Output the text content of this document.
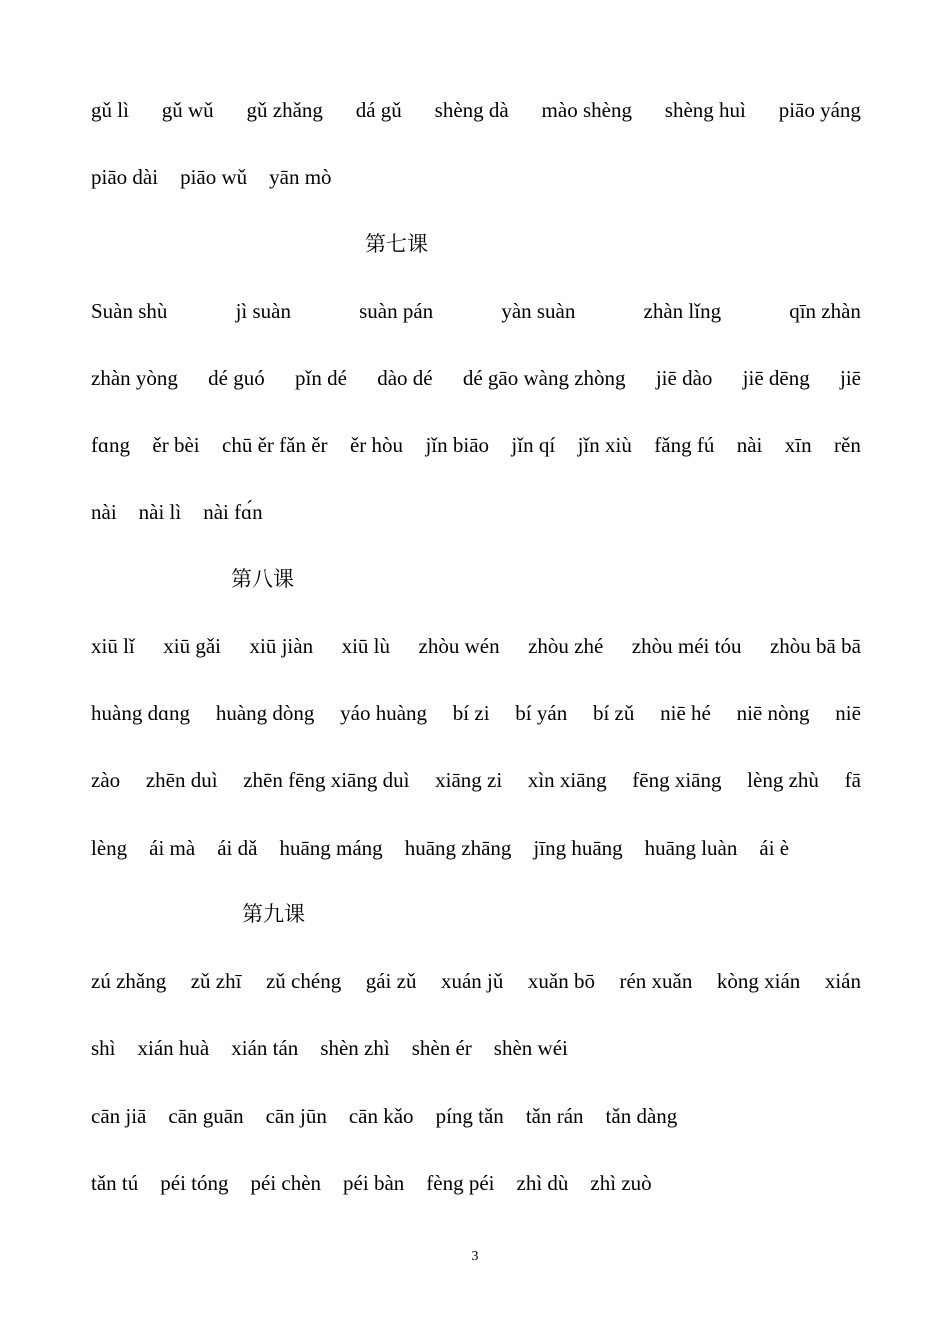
gǔ lì gǔ wǔ gǔ zhǎng dá gǔ shèng dà mào shèng shèng huì piāo yáng
piāo dài piāo wǔ yān mò
第七课
Suàn shù	jì suàn	suàn pán	yàn suàn	zhàn lǐng	qīn zhàn
zhàn yòng dé guó pǐn dé dào dé dé gāo wàng zhòng jiē dào jiē dēng jiē
fɑng ěr bèi chū ěr fǎn ěr ěr hòu jǐn biāo jǐn qí jǐn xiù fǎng fú nài xīn rěn
nài nài lì nài fɑ́n
第八课
xiū lǐ xiū gǎi xiū jiàn xiū lù zhòu wén zhòu zhé zhòu méi tóu zhòu bā bā
huàng dɑng huàng dòng yáo huàng bí zi bí yán bí zǔ niē hé niē nòng niē
zào zhēn duì zhēn fēng xiāng duì xiāng zi xìn xiāng fēng xiāng lèng zhù fā
lèng ái mà ái dǎ huāng máng huāng zhāng jīng huāng huāng luàn ái è
第九课
zú zhǎng zǔ zhī zǔ chéng gái zǔ xuán jǔ xuǎn bō rén xuǎn kòng xián xián
shì xián huà xián tán shèn zhì shèn ér shèn wéi
cān jiā cān guān cān jūn cān kǎo píng tǎn tǎn rán tǎn dàng
tǎn tú péi tóng péi chèn péi bàn fèng péi zhì dù zhì zuò
3
